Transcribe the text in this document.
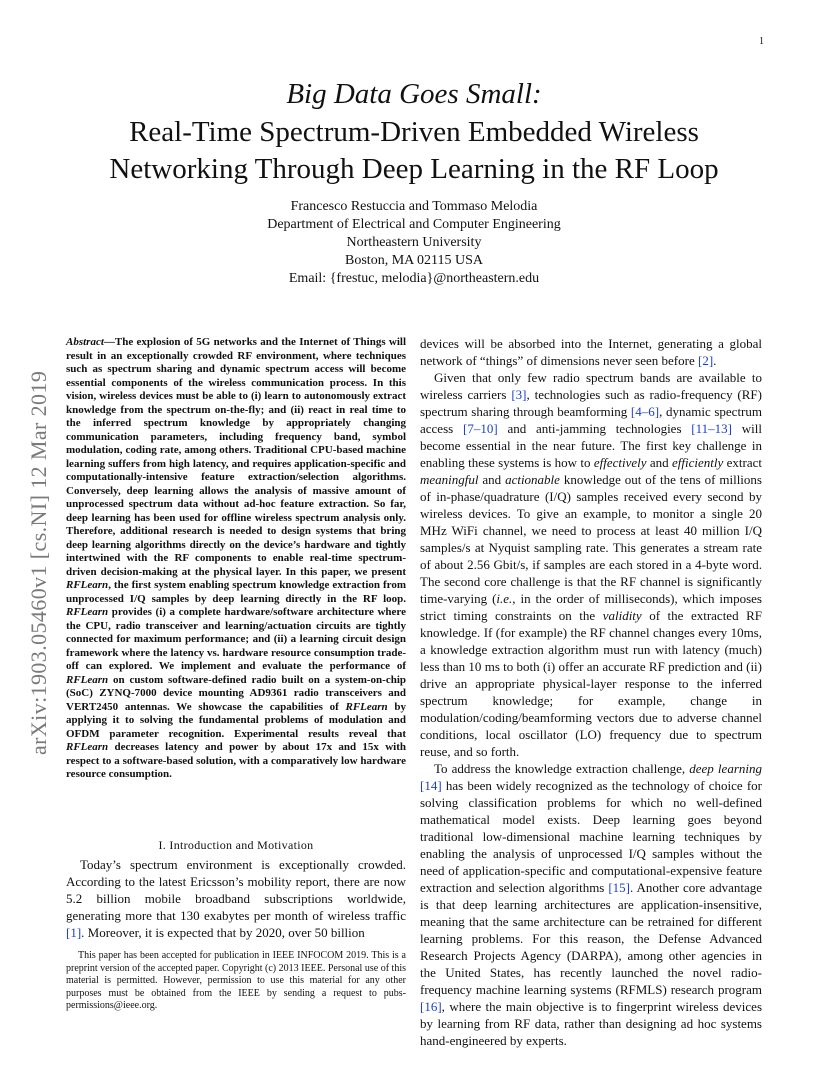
1
Big Data Goes Small:
Real-Time Spectrum-Driven Embedded Wireless
Networking Through Deep Learning in the RF Loop
Francesco Restuccia and Tommaso Melodia
Department of Electrical and Computer Engineering
Northeastern University
Boston, MA 02115 USA
Email: {frestuc, melodia}@northeastern.edu
arXiv:1903.05460v1 [cs.NI] 12 Mar 2019
Abstract—The explosion of 5G networks and the Internet of Things will result in an exceptionally crowded RF environment, where techniques such as spectrum sharing and dynamic spectrum access will become essential components of the wireless communication process. In this vision, wireless devices must be able to (i) learn to autonomously extract knowledge from the spectrum on-the-fly; and (ii) react in real time to the inferred spectrum knowledge by appropriately changing communication parameters, including frequency band, symbol modulation, coding rate, among others. Traditional CPU-based machine learning suffers from high latency, and requires application-specific and computationally-intensive feature extraction/selection algorithms. Conversely, deep learning allows the analysis of massive amount of unprocessed spectrum data without ad-hoc feature extraction. So far, deep learning has been used for offline wireless spectrum analysis only. Therefore, additional research is needed to design systems that bring deep learning algorithms directly on the device’s hardware and tightly intertwined with the RF components to enable real-time spectrum-driven decision-making at the physical layer. In this paper, we present RFLearn, the first system enabling spectrum knowledge extraction from unprocessed I/Q samples by deep learning directly in the RF loop. RFLearn provides (i) a complete hardware/software architecture where the CPU, radio transceiver and learning/actuation circuits are tightly connected for maximum performance; and (ii) a learning circuit design framework where the latency vs. hardware resource consumption trade-off can explored. We implement and evaluate the performance of RFLearn on custom software-defined radio built on a system-on-chip (SoC) ZYNQ-7000 device mounting AD9361 radio transceivers and VERT2450 antennas. We showcase the capabilities of RFLearn by applying it to solving the fundamental problems of modulation and OFDM parameter recognition. Experimental results reveal that RFLearn decreases latency and power by about 17x and 15x with respect to a software-based solution, with a comparatively low hardware resource consumption.
I. Introduction and Motivation
Today’s spectrum environment is exceptionally crowded. According to the latest Ericsson’s mobility report, there are now 5.2 billion mobile broadband subscriptions worldwide, generating more that 130 exabytes per month of wireless traffic [1]. Moreover, it is expected that by 2020, over 50 billion
This paper has been accepted for publication in IEEE INFOCOM 2019. This is a preprint version of the accepted paper. Copyright (c) 2013 IEEE. Personal use of this material is permitted. However, permission to use this material for any other purposes must be obtained from the IEEE by sending a request to pubs-permissions@ieee.org.

devices will be absorbed into the Internet, generating a global network of “things” of dimensions never seen before [2].

Given that only few radio spectrum bands are available to wireless carriers [3], technologies such as radio-frequency (RF) spectrum sharing through beamforming [4–6], dynamic spectrum access [7–10] and anti-jamming technologies [11–13] will become essential in the near future. The first key challenge in enabling these systems is how to effectively and efficiently extract meaningful and actionable knowledge out of the tens of millions of in-phase/quadrature (I/Q) samples received every second by wireless devices. To give an example, to monitor a single 20 MHz WiFi channel, we need to process at least 40 million I/Q samples/s at Nyquist sampling rate. This generates a stream rate of about 2.56 Gbit/s, if samples are each stored in a 4-byte word. The second core challenge is that the RF channel is significantly time-varying (i.e., in the order of milliseconds), which imposes strict timing constraints on the validity of the extracted RF knowledge. If (for example) the RF channel changes every 10ms, a knowledge extraction algorithm must run with latency (much) less than 10 ms to both (i) offer an accurate RF prediction and (ii) drive an appropriate physical-layer response to the inferred spectrum knowledge; for example, change in modulation/coding/beamforming vectors due to adverse channel conditions, local oscillator (LO) frequency due to spectrum reuse, and so forth.

To address the knowledge extraction challenge, deep learning [14] has been widely recognized as the technology of choice for solving classification problems for which no well-defined mathematical model exists. Deep learning goes beyond traditional low-dimensional machine learning techniques by enabling the analysis of unprocessed I/Q samples without the need of application-specific and computational-expensive feature extraction and selection algorithms [15]. Another core advantage is that deep learning architectures are application-insensitive, meaning that the same architecture can be retrained for different learning problems. For this reason, the Defense Advanced Research Projects Agency (DARPA), among other agencies in the United States, has recently launched the novel radio-frequency machine learning systems (RFMLS) research program [16], where the main objective is to fingerprint wireless devices by learning from RF data, rather than designing ad hoc systems hand-engineered by experts.
